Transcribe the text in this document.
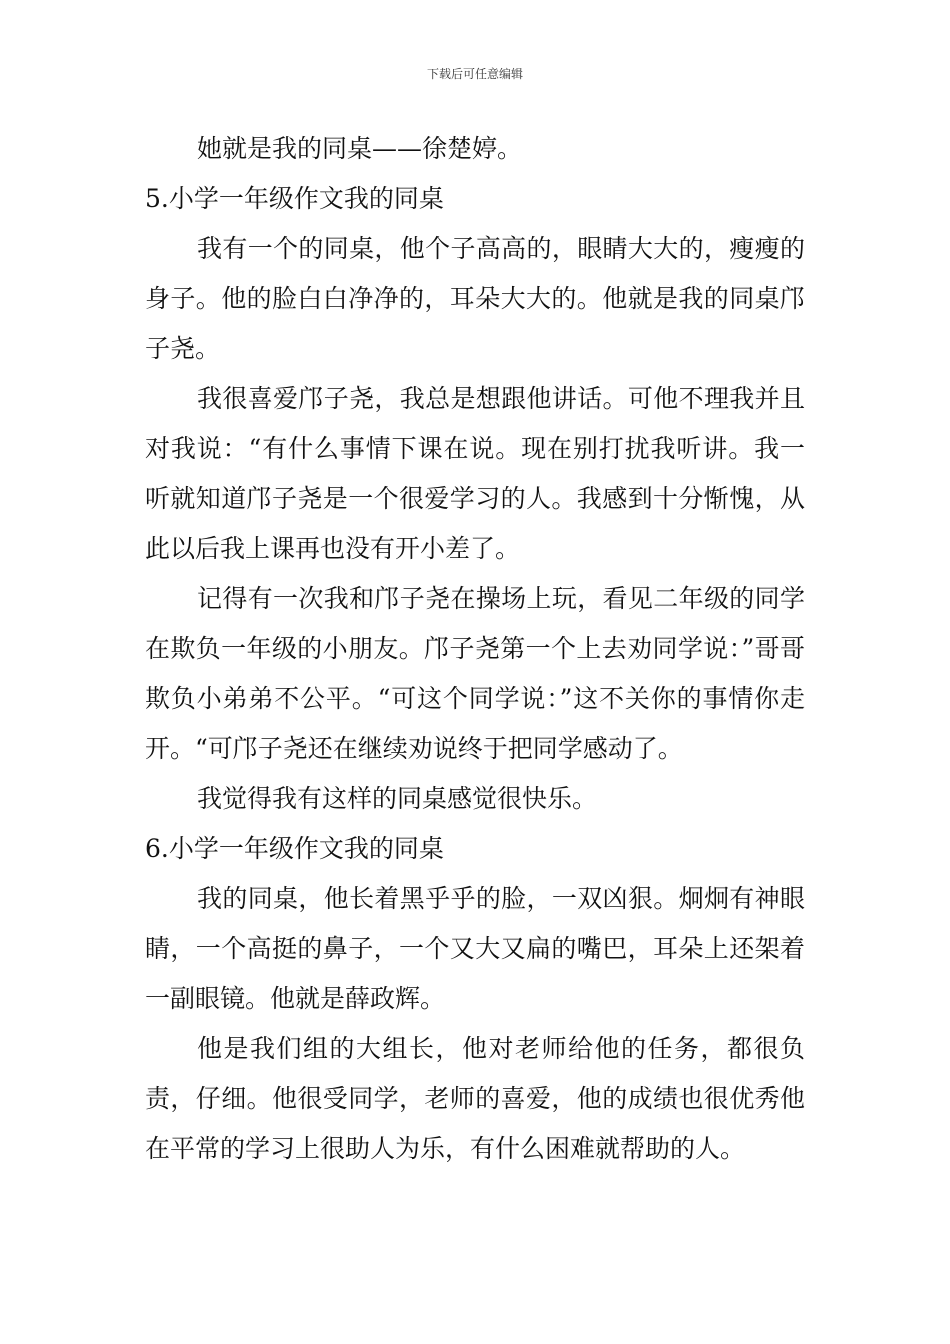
下载后可任意编辑

她就是我的同桌——徐楚婷。

5.小学一年级作文我的同桌

我有一个的同桌，他个子高高的，眼睛大大的，瘦瘦的身子。他的脸白白净净的，耳朵大大的。他就是我的同桌邝子尧。

我很喜爱邝子尧，我总是想跟他讲话。可他不理我并且对我说：“有什么事情下课在说。现在别打扰我听讲。我一听就知道邝子尧是一个很爱学习的人。我感到十分惭愧，从此以后我上课再也没有开小差了。

记得有一次我和邝子尧在操场上玩，看见二年级的同学在欺负一年级的小朋友。邝子尧第一个上去劝同学说：”哥哥欺负小弟弟不公平。“可这个同学说：”这不关你的事情你走开。“可邝子尧还在继续劝说终于把同学感动了。

我觉得我有这样的同桌感觉很快乐。

6.小学一年级作文我的同桌

我的同桌，他长着黑乎乎的脸，一双凶狠。炯炯有神眼睛，一个高挺的鼻子，一个又大又扁的嘴巴，耳朵上还架着一副眼镜。他就是薛政辉。

他是我们组的大组长，他对老师给他的任务，都很负责，仔细。他很受同学，老师的喜爱，他的成绩也很优秀他在平常的学习上很助人为乐，有什么困难就帮助的人。
